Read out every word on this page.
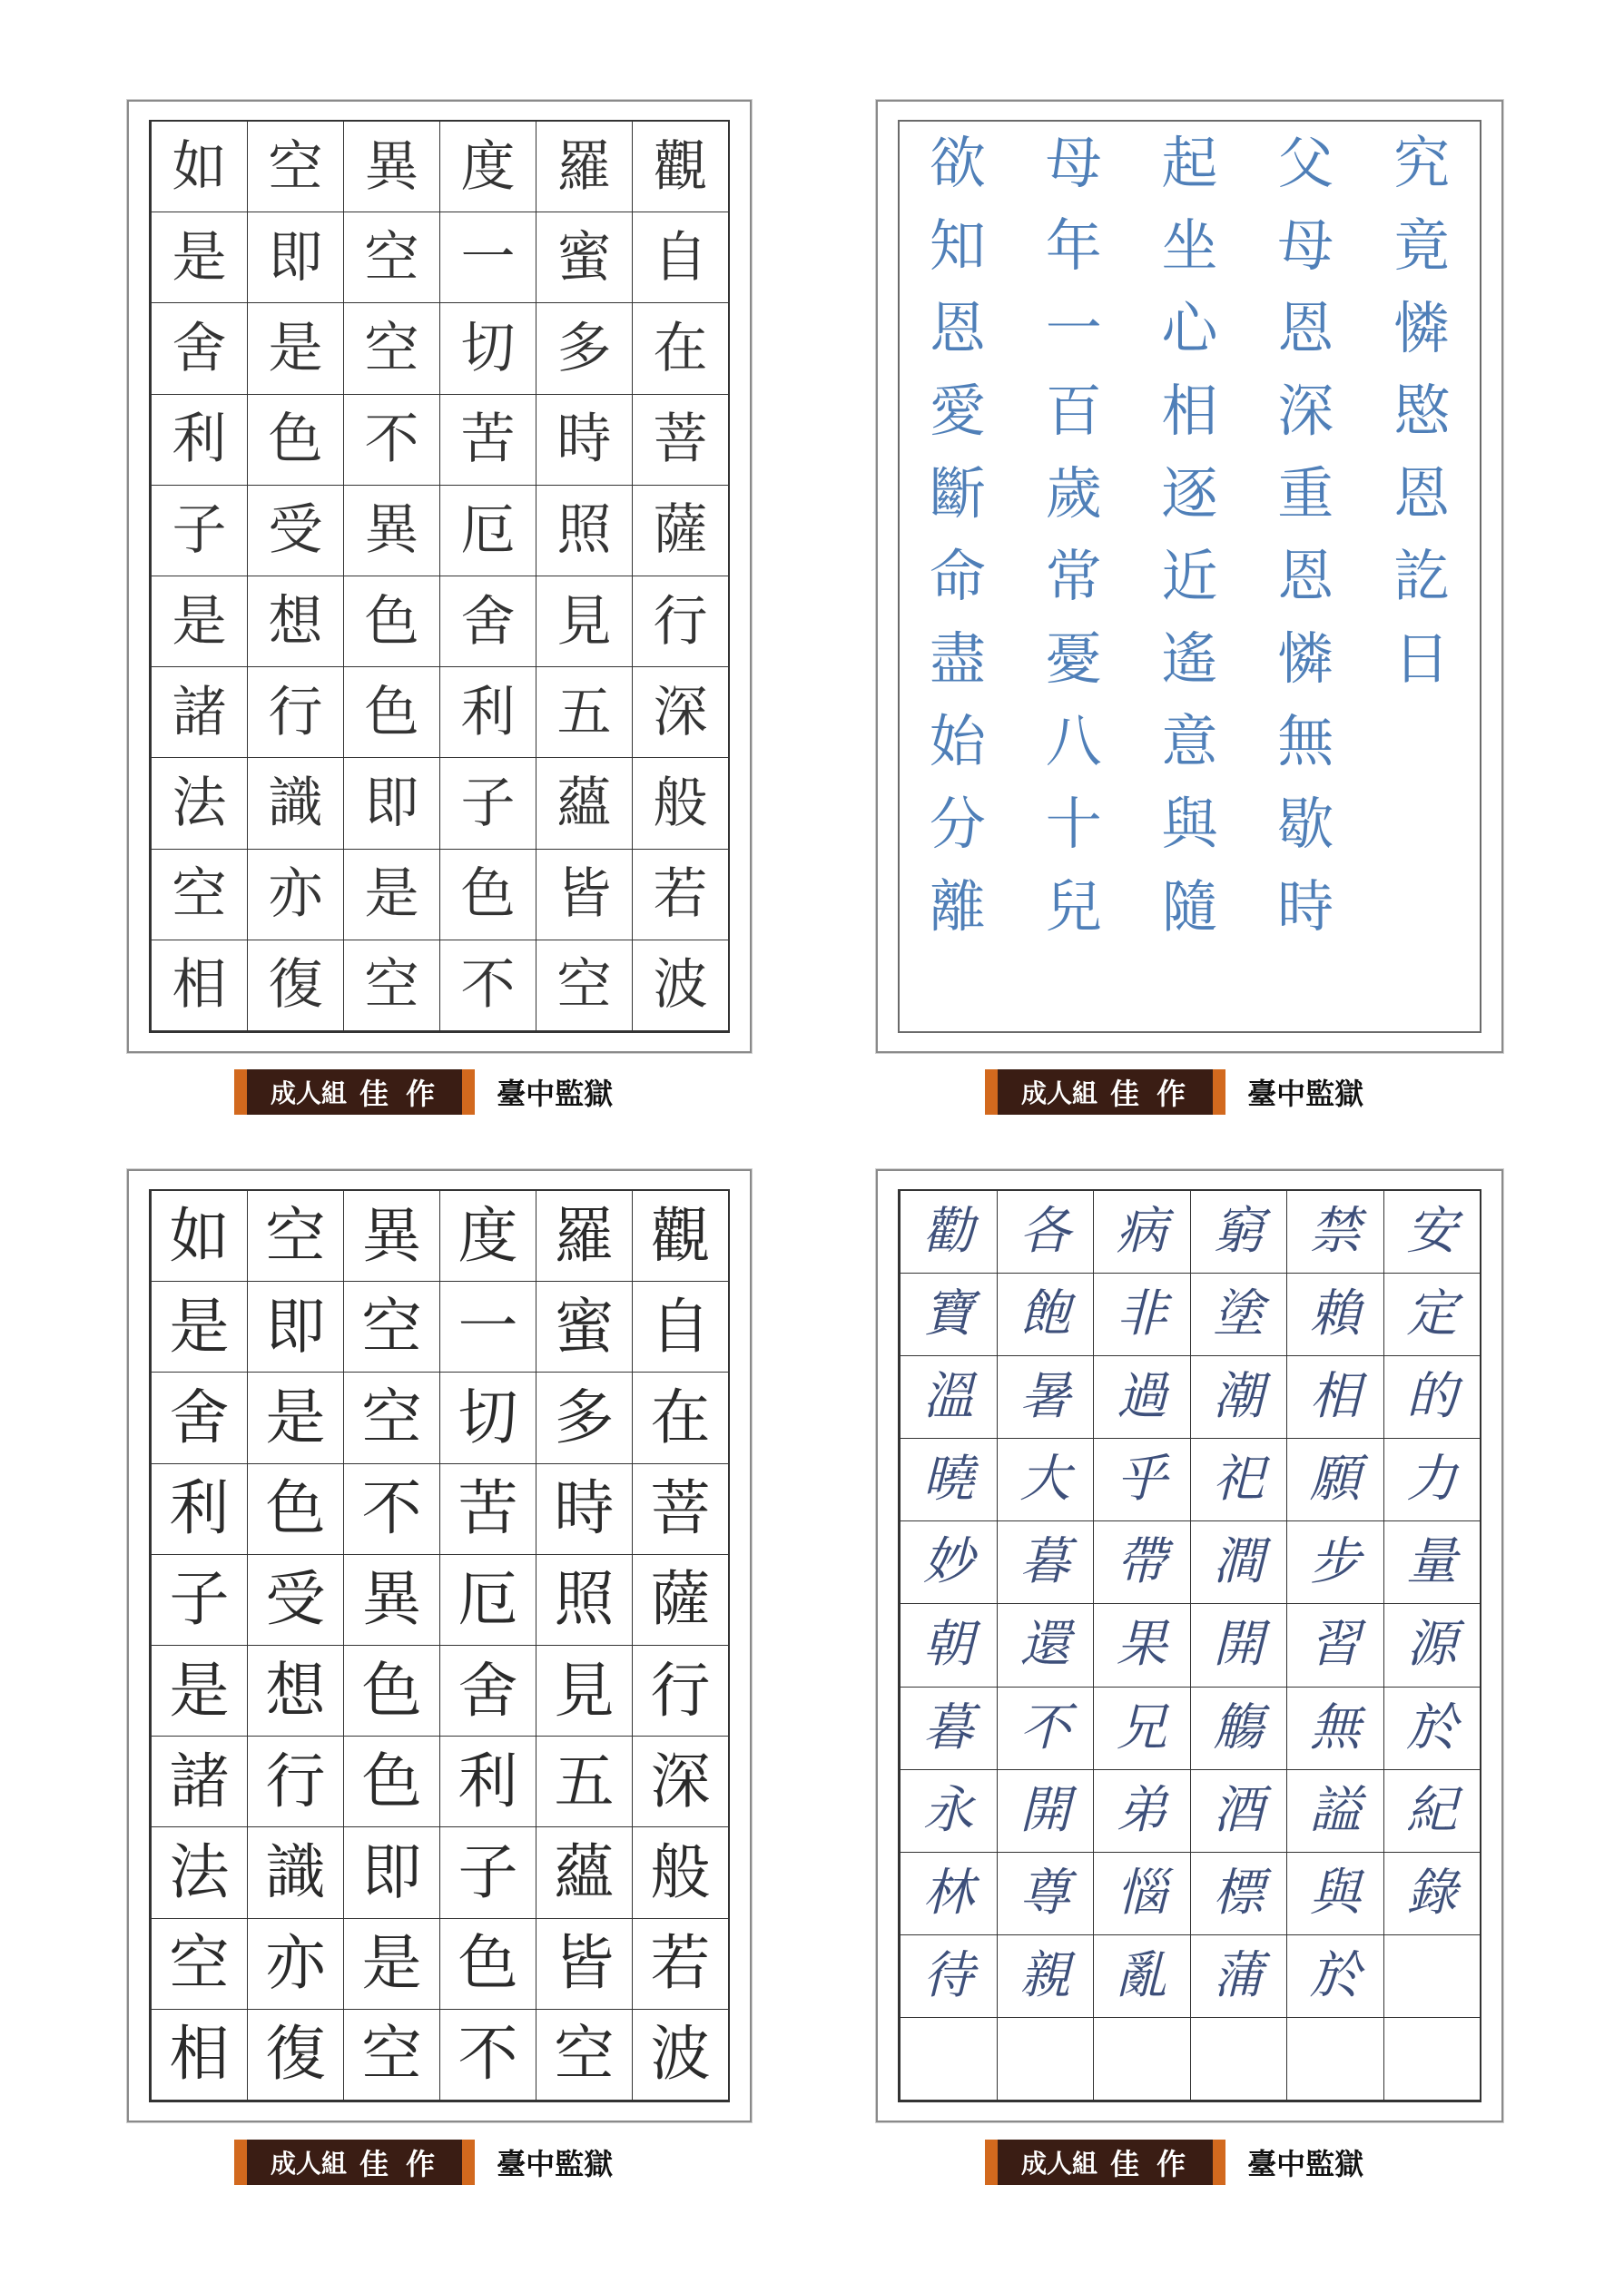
觀
自
在
菩
薩
行
深
般
若
波
羅
蜜
多
時
照
見
五
蘊
皆
空
度
一
切
苦
厄
舍
利
子
色
不
異
空
空
不
異
色
色
即
是
空
空
即
是
色
受
想
行
識
亦
復
如
是
舍
利
子
是
諸
法
空
相
成人組 佳 作 臺中監獄
究
竟
憐
愍
恩
訖
日
父
母
恩
深
重
恩
憐
無
歇
時
起
坐
心
相
逐
近
遙
意
與
隨
母
年
一
百
歲
常
憂
八
十
兒
欲
知
恩
愛
斷
命
盡
始
分
離
成人組 佳 作 臺中監獄
觀
自
在
菩
薩
行
深
般
若
波
羅
蜜
多
時
照
見
五
蘊
皆
空
度
一
切
苦
厄
舍
利
子
色
不
異
空
空
不
異
色
色
即
是
空
空
即
是
色
受
想
行
識
亦
復
如
是
舍
利
子
是
諸
法
空
相
成人組 佳 作 臺中監獄
安
定
的
力
量
源
於
紀
錄
禁
賴
相
願
步
習
無
謚
與
於
窮
塗
潮
祀
澗
開
觴
酒
標
蒲
病
非
過
乎
帶
果
兄
弟
惱
亂
各
飽
暑
大
暮
還
不
開
尊
親
勸
寶
溫
曉
妙
朝
暮
永
林
待
成人組 佳 作 臺中監獄
